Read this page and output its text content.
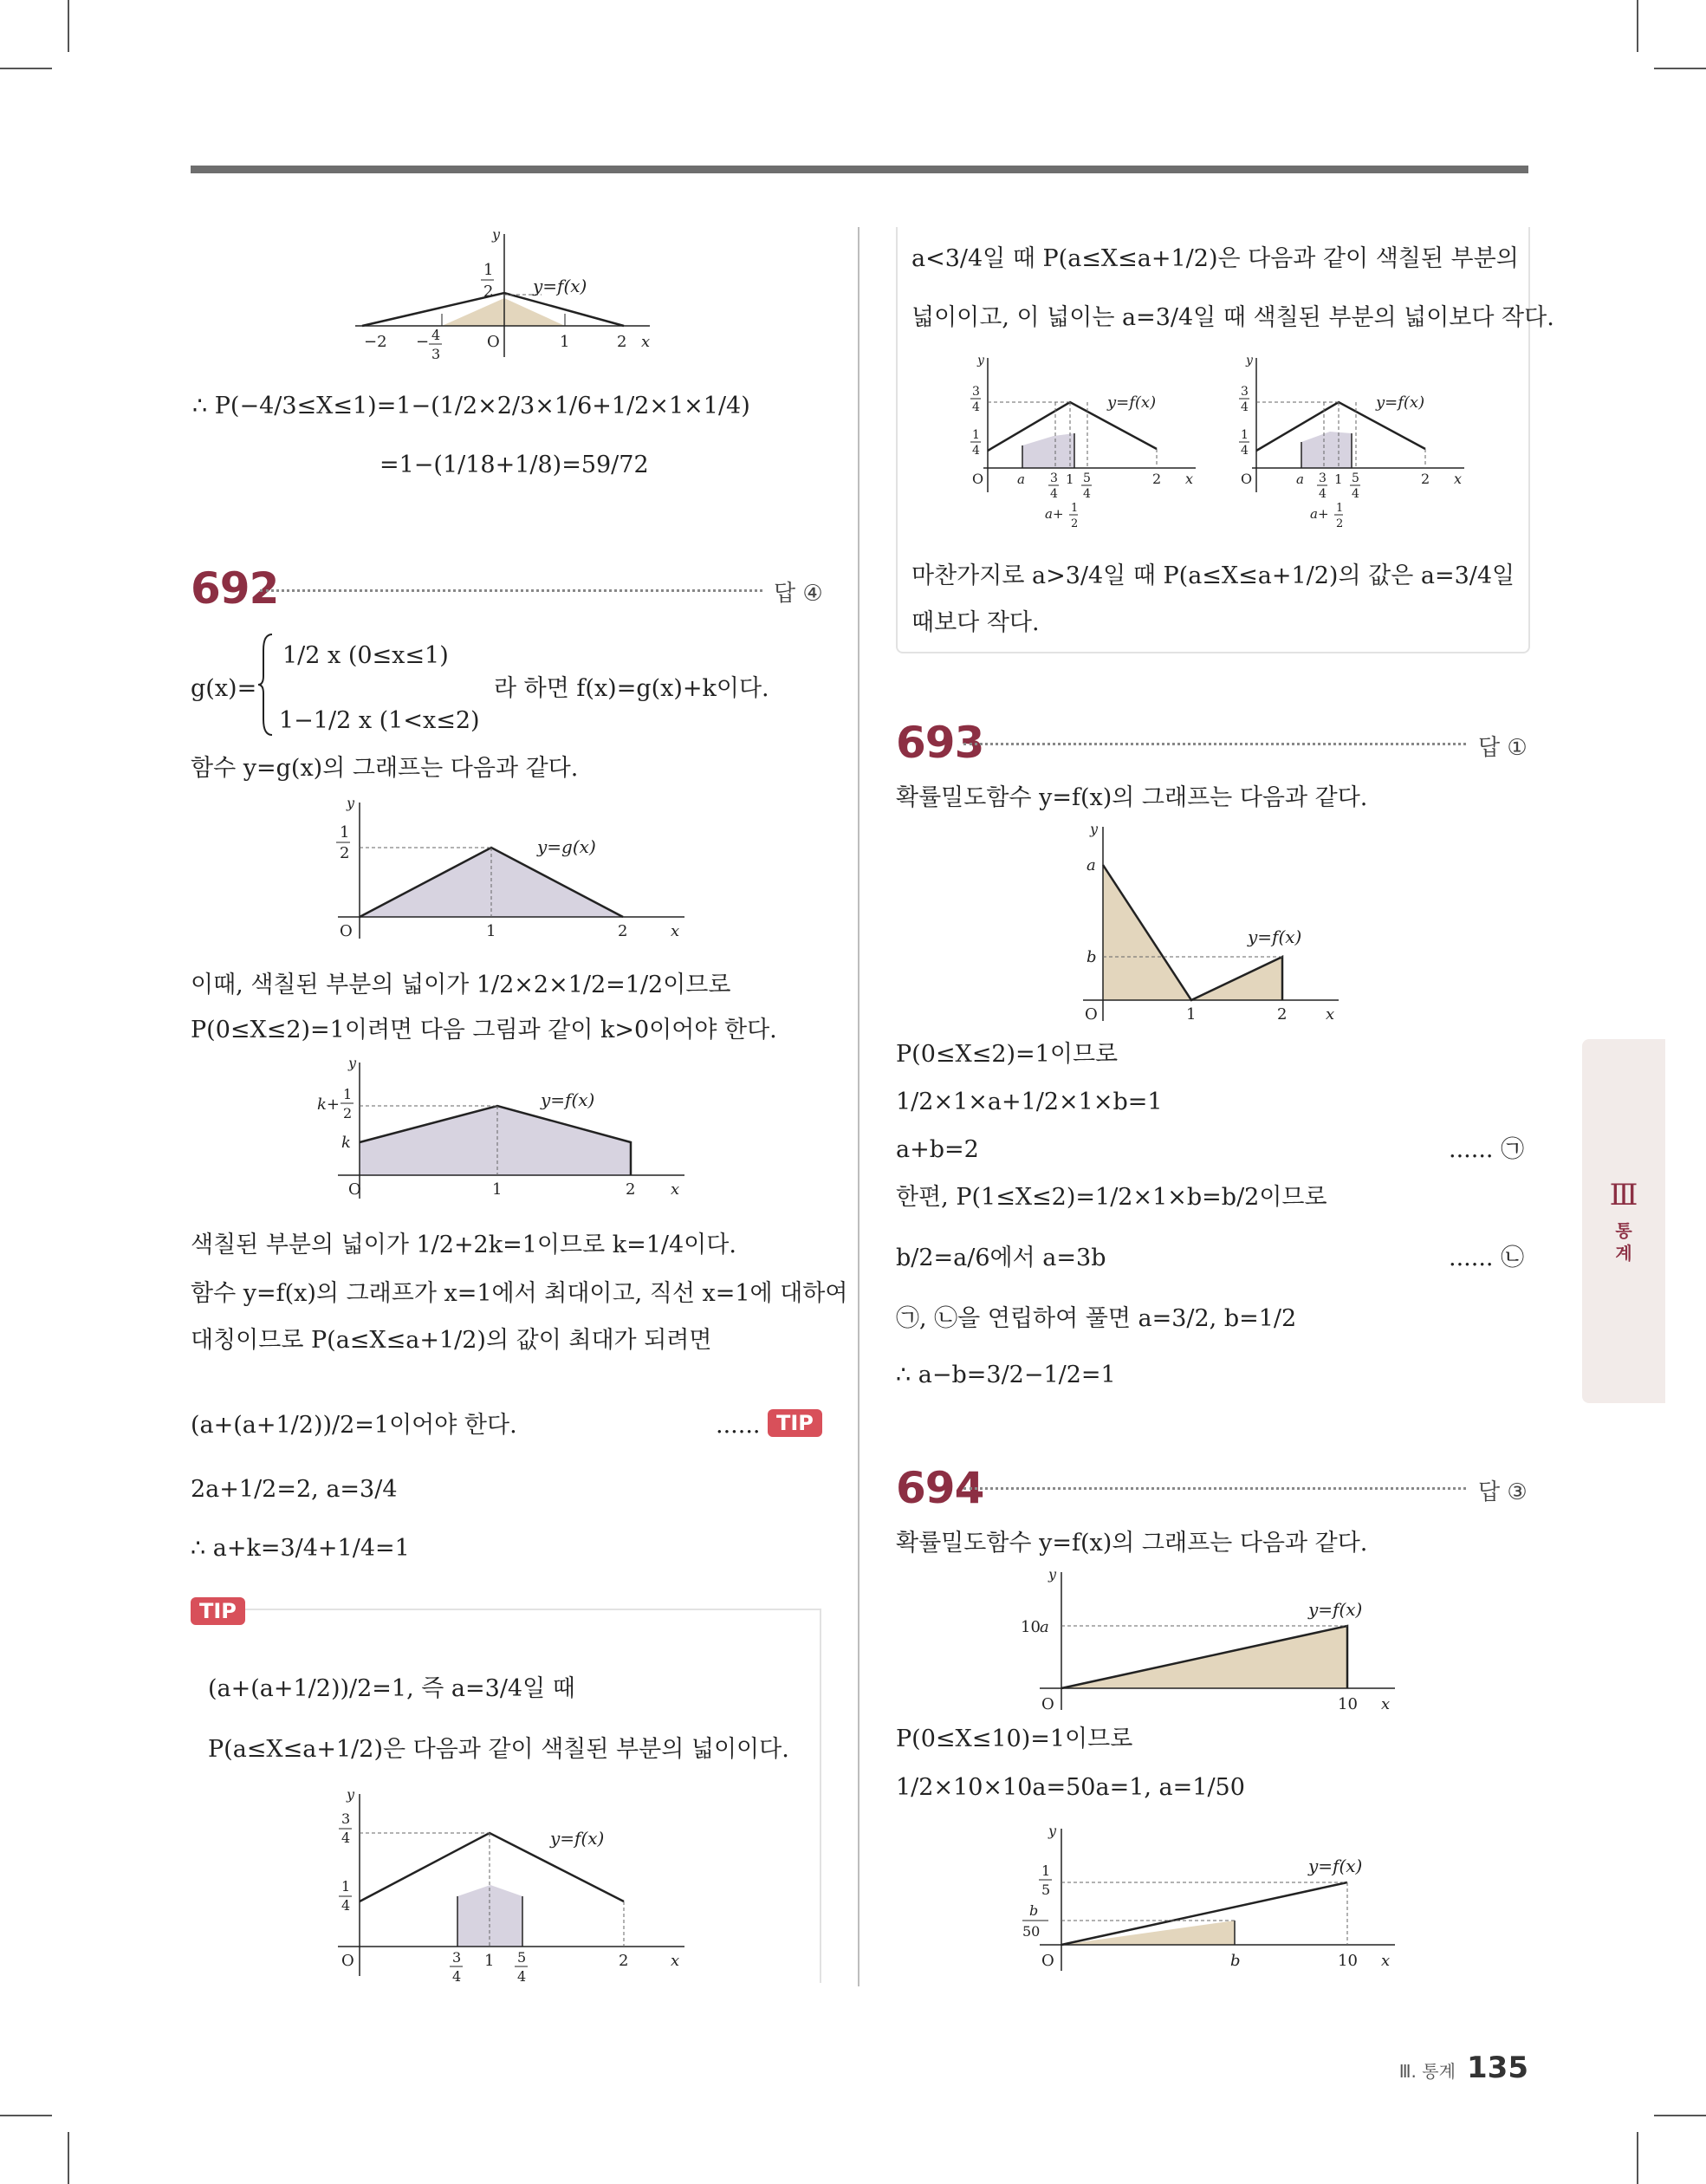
1
2 y=f(x)
−2 − 4
3
O	1	2 x
y
∴ P(−4/3≤X≤1)=1−(1/2×2/3×1/6+1/2×1×1/4)
=1−(1/18+1/8)=59/72
692	답 ④
g(x)=
1/2 x (0≤x≤1)
1−1/2 x (1<x≤2)
라 하면 f(x)=g(x)+k이다.
함수 y=g(x)의 그래프는 다음과 같다.
1
2	y=g(x)
O	1	2	x
y
이때, 색칠된 부분의 넓이가 1/2×2×1/2=1/2이므로
P(0≤X≤2)=1이려면 다음 그림과 같이 k>0이어야 한다.
k+
1
2
k
y=f(x)
O	1	2 x
y
색칠된 부분의 넓이가 1/2+2k=1이므로 k=1/4이다.
함수 y=f(x)의 그래프가 x=1에서 최대이고, 직선 x=1에 대하여
대칭이므로 P(a≤X≤a+1/2)의 값이 최대가 되려면
(a+(a+1/2))/2=1이어야 한다.	...... TIP
2a+1/2=2, a=3/4
∴ a+k=3/4+1/4=1
TIP
(a+(a+1/2))/2=1, 즉 a=3/4일 때
P(a≤X≤a+1/2)은 다음과 같이 색칠된 부분의 넓이이다.
3
4
1
4
y=f(x)
O	3
4
1 5
4
2	x
y
a<3/4일 때 P(a≤X≤a+1/2)은 다음과 같이 색칠된 부분의
넓이이고, 이 넓이는 a=3/4일 때 색칠된 부분의 넓이보다 작다.
3
4
1
4
y=f(x)
O	a 3
4
1 5
4
2 x
y
a+ 1
2
3
4
1
4
y=f(x)
O	a 3
4
1 5
4
2 x
y
a+ 1
2
마찬가지로 a>3/4일 때 P(a≤X≤a+1/2)의 값은 a=3/4일
때보다 작다.
693	답 ①
확률밀도함수 y=f(x)의 그래프는 다음과 같다.
a
b
y=f(x)
O	1	2 x
y
P(0≤X≤2)=1이므로
1/2×1×a+1/2×1×b=1
a+b=2	...... ㉠
한편, P(1≤X≤2)=1/2×1×b=b/2이므로
b/2=a/6에서 a=3b	...... ㉡
㉠, ㉡을 연립하여 풀면 a=3/2, b=1/2
∴ a−b=3/2−1/2=1
694	답 ③
확률밀도함수 y=f(x)의 그래프는 다음과 같다.
10 a
y=f(x)
O	10 x
y
P(0≤X≤10)=1이므로
1/2×10×10a=50a=1, a=1/50
1
5
b
50
y=f(x)
O	b	10 x
y
Ⅲ
통계
Ⅲ. 통계 135
